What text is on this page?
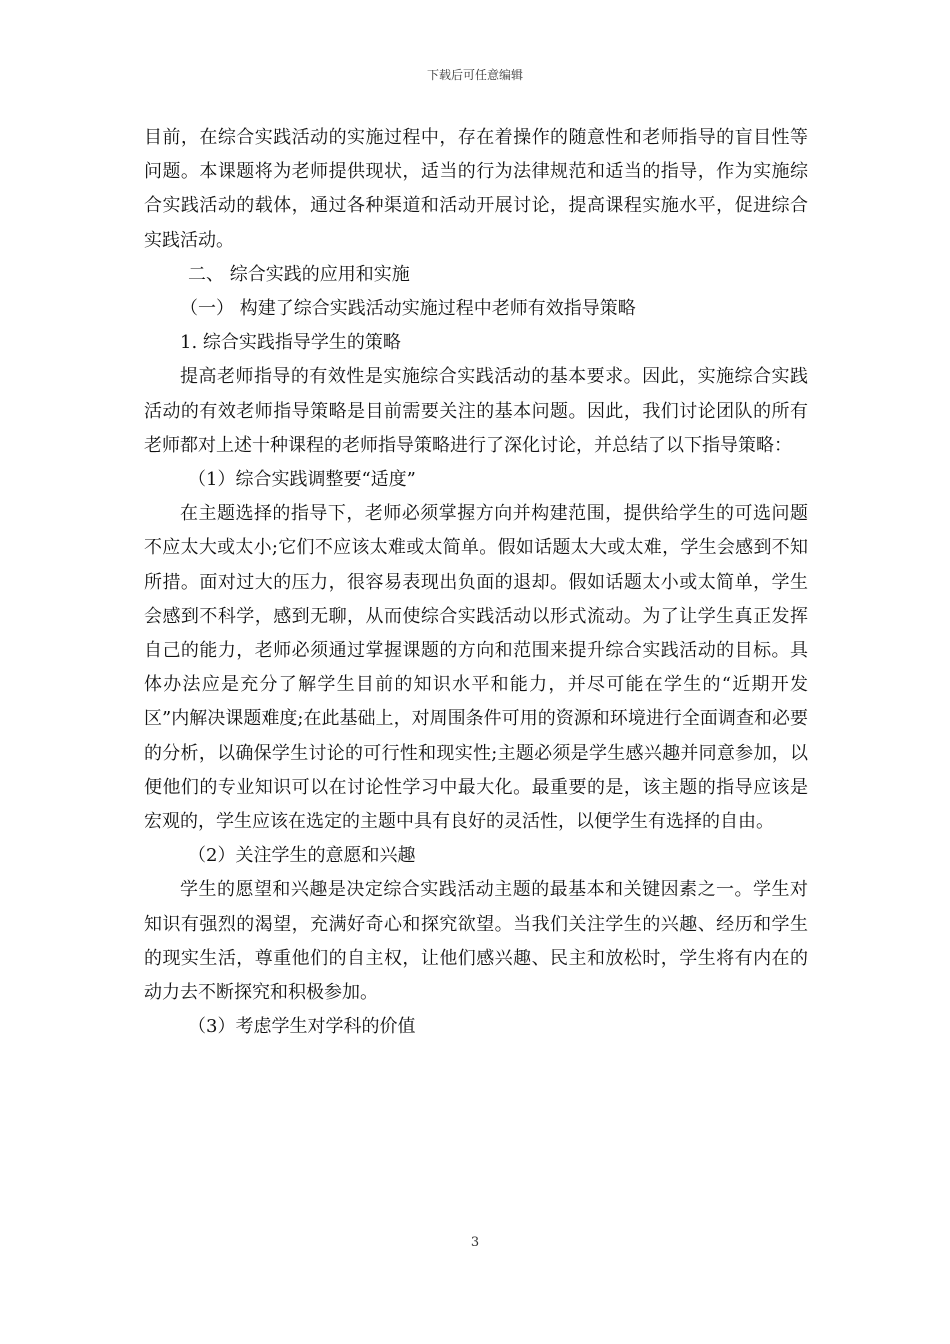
下载后可任意编辑

目前，在综合实践活动的实施过程中，存在着操作的随意性和老师指导的盲目性等问题。本课题将为老师提供现状，适当的行为法律规范和适当的指导，作为实施综合实践活动的载体，通过各种渠道和活动开展讨论，提高课程实施水平，促进综合实践活动。

二、 综合实践的应用和实施

（一） 构建了综合实践活动实施过程中老师有效指导策略

1. 综合实践指导学生的策略

提高老师指导的有效性是实施综合实践活动的基本要求。因此，实施综合实践活动的有效老师指导策略是目前需要关注的基本问题。因此，我们讨论团队的所有老师都对上述十种课程的老师指导策略进行了深化讨论，并总结了以下指导策略：

（1）综合实践调整要“适度”

在主题选择的指导下，老师必须掌握方向并构建范围，提供给学生的可选问题不应太大或太小;它们不应该太难或太简单。假如话题太大或太难，学生会感到不知所措。面对过大的压力，很容易表现出负面的退却。假如话题太小或太简单，学生会感到不科学，感到无聊，从而使综合实践活动以形式流动。为了让学生真正发挥自己的能力，老师必须通过掌握课题的方向和范围来提升综合实践活动的目标。具体办法应是充分了解学生目前的知识水平和能力，并尽可能在学生的“近期开发区”内解决课题难度;在此基础上，对周围条件可用的资源和环境进行全面调查和必要的分析，以确保学生讨论的可行性和现实性;主题必须是学生感兴趣并同意参加，以便他们的专业知识可以在讨论性学习中最大化。最重要的是，该主题的指导应该是宏观的，学生应该在选定的主题中具有良好的灵活性，以便学生有选择的自由。

（2）关注学生的意愿和兴趣

学生的愿望和兴趣是决定综合实践活动主题的最基本和关键因素之一。学生对知识有强烈的渴望，充满好奇心和探究欲望。当我们关注学生的兴趣、经历和学生的现实生活，尊重他们的自主权，让他们感兴趣、民主和放松时，学生将有内在的动力去不断探究和积极参加。

（3）考虑学生对学科的价值

3
